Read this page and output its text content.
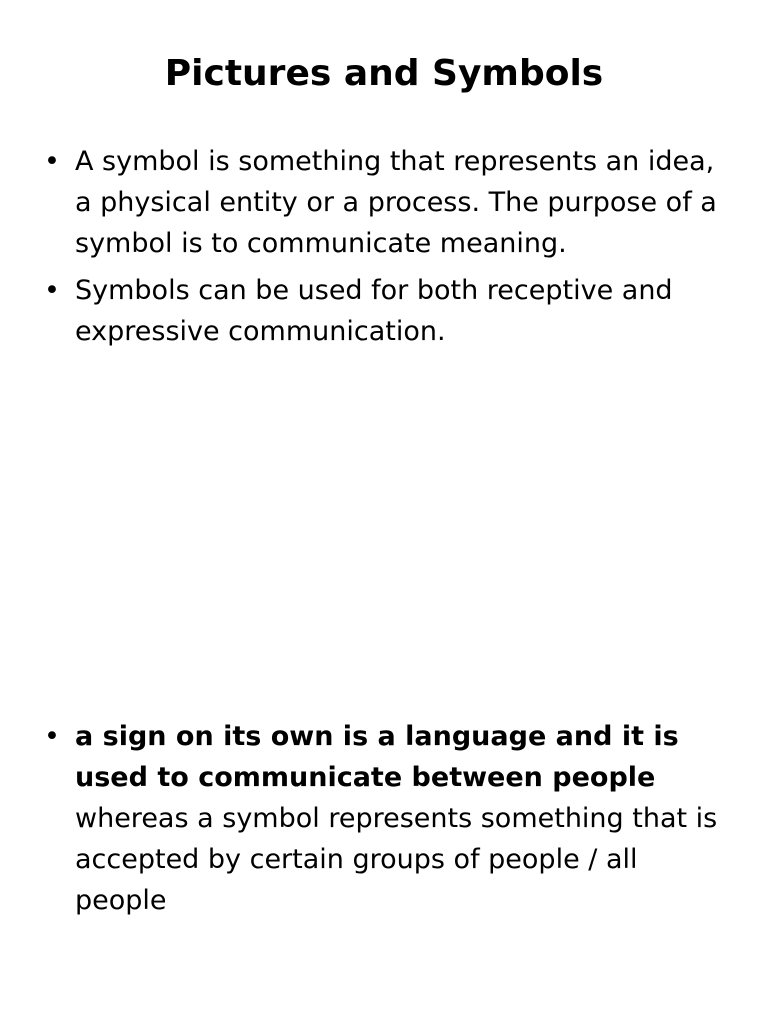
Pictures and Symbols
• A symbol is something that represents an idea, a physical entity or a process. The purpose of a symbol is to communicate meaning.
• Symbols can be used for both receptive and expressive communication.
• a sign on its own is a language and it is used to communicate between people whereas a symbol represents something that is accepted by certain groups of people / all people
